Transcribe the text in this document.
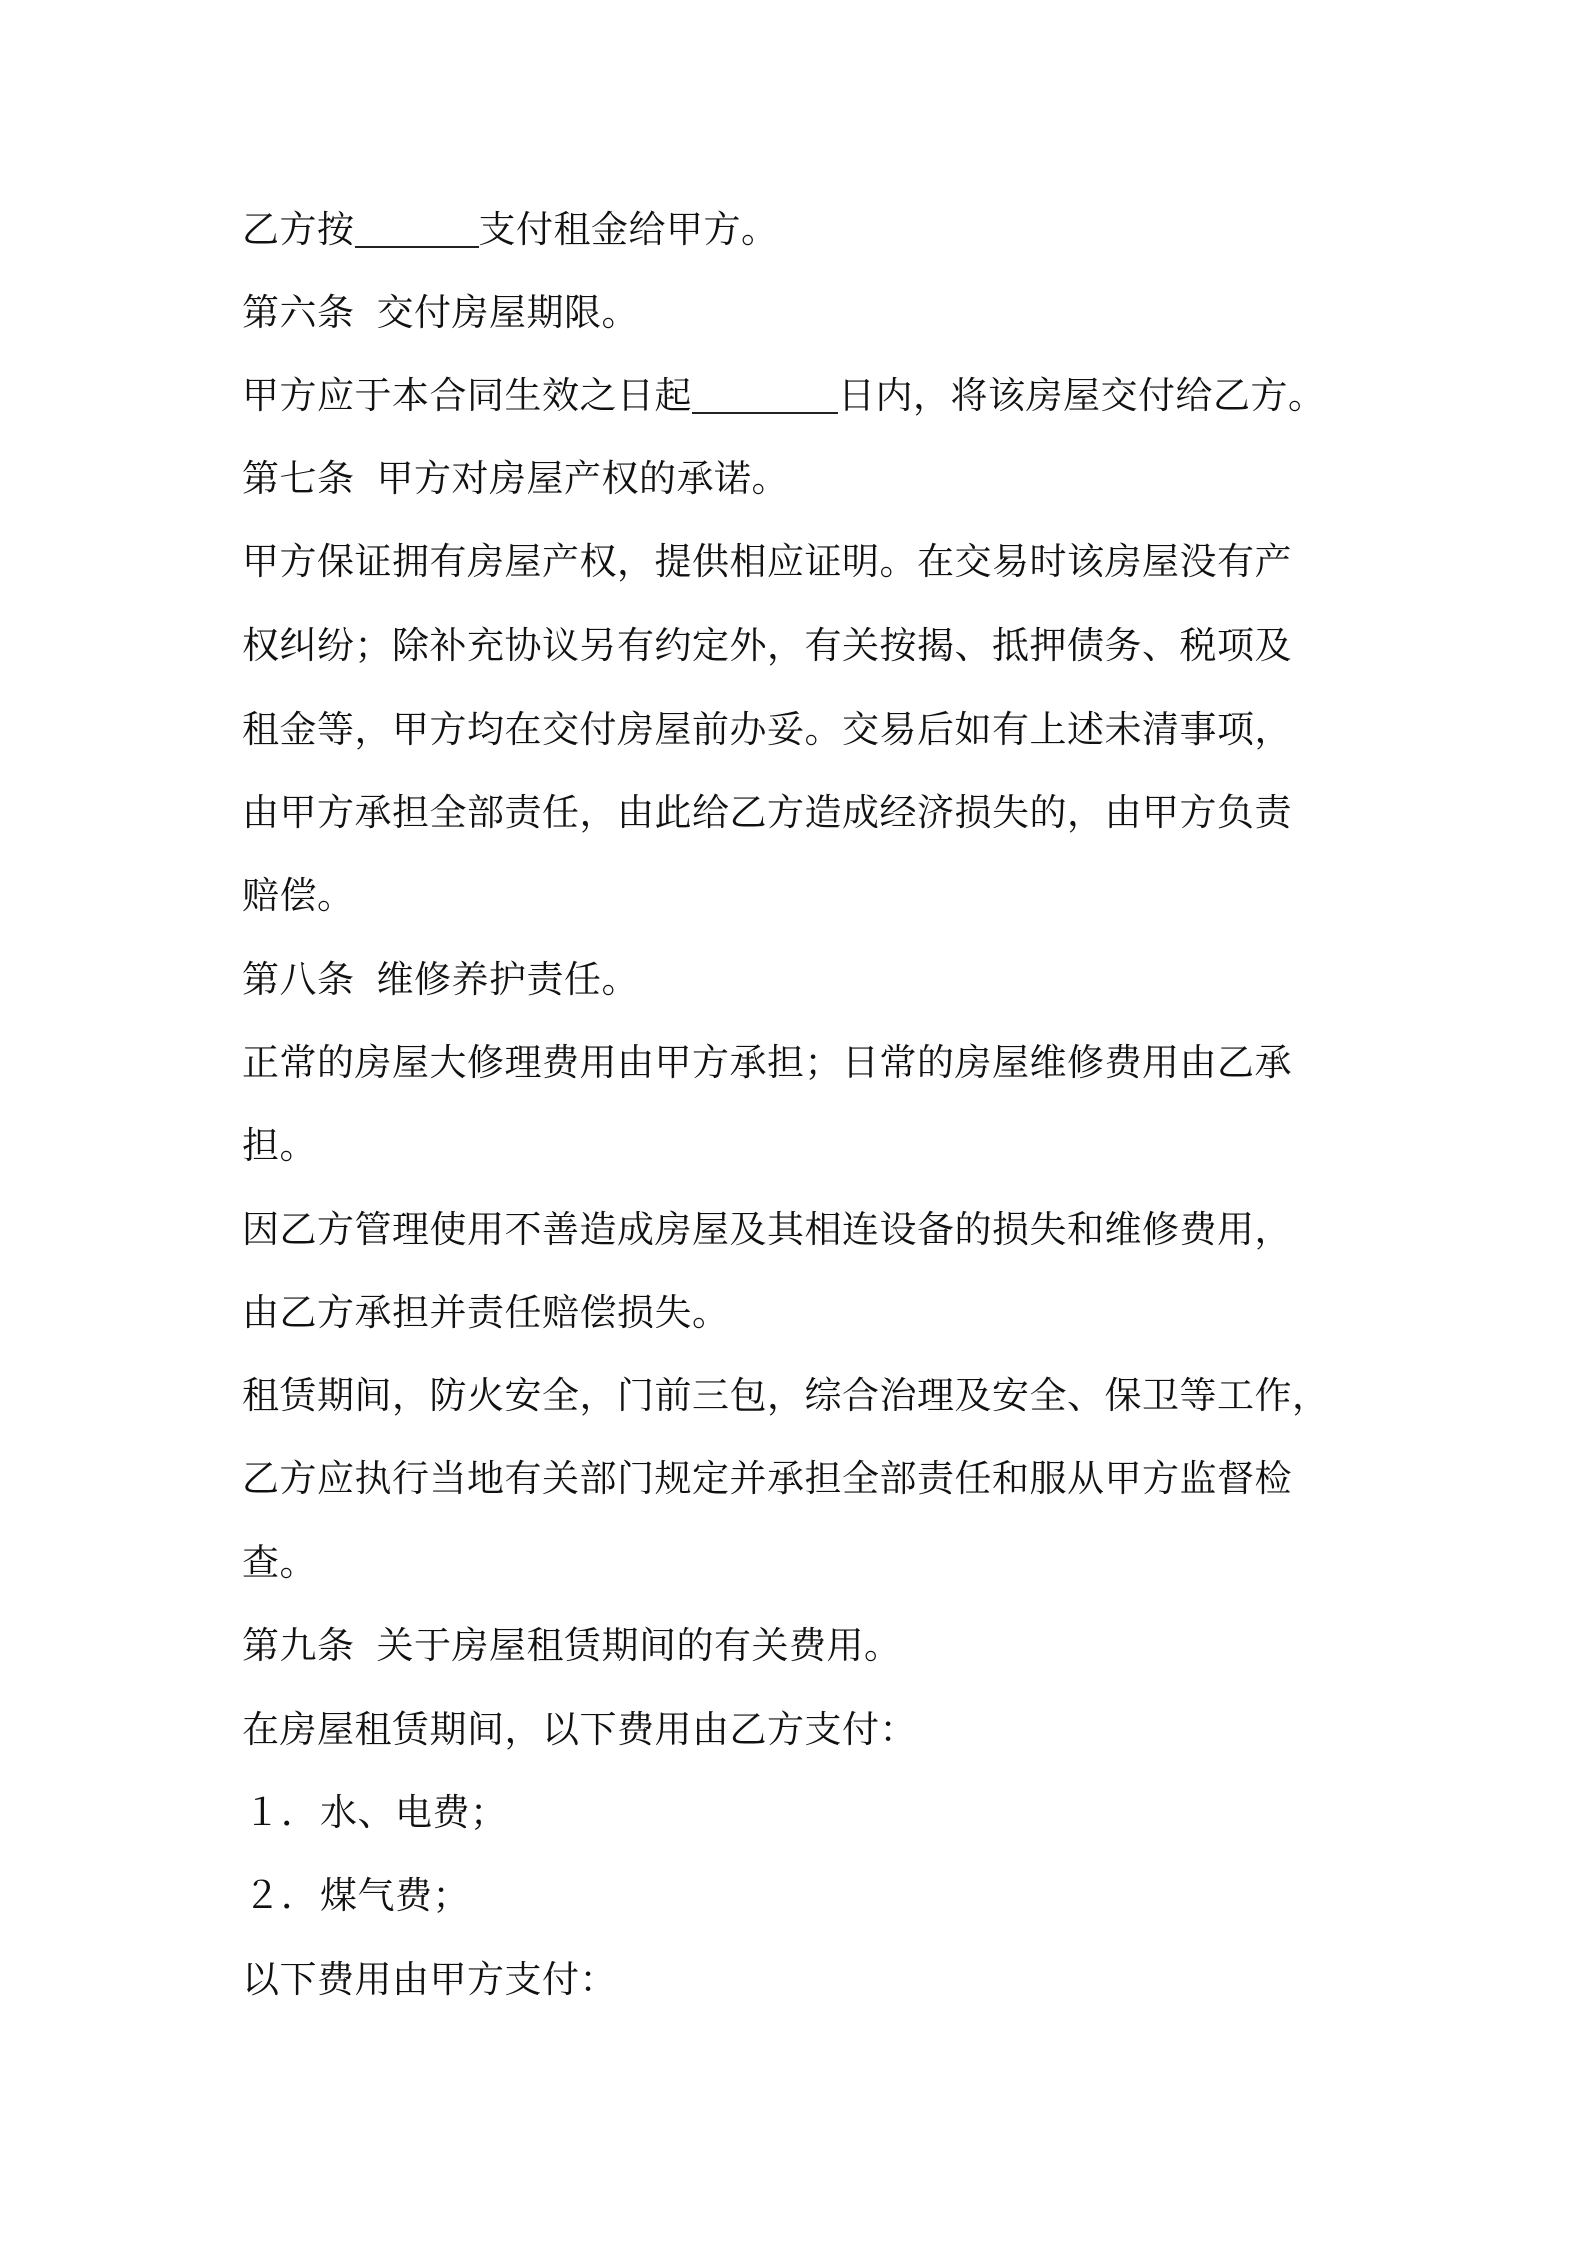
乙方按	支付租金给甲方。
第六条 交付房屋期限。
甲方应于本合同生效之日起	日内，将该房屋交付给乙方。
第七条 甲方对房屋产权的承诺。
甲方保证拥有房屋产权，提供相应证明。在交易时该房屋没有产
权纠纷；除补充协议另有约定外，有关按揭、抵押债务、税项及
租金等，甲方均在交付房屋前办妥。交易后如有上述未清事项，
由甲方承担全部责任，由此给乙方造成经济损失的，由甲方负责
赔偿。
第八条 维修养护责任。
正常的房屋大修理费用由甲方承担；日常的房屋维修费用由乙承
担。
因乙方管理使用不善造成房屋及其相连设备的损失和维修费用，
由乙方承担并责任赔偿损失。
租赁期间，防火安全，门前三包，综合治理及安全、保卫等工作，
乙方应执行当地有关部门规定并承担全部责任和服从甲方监督检
查。
第九条 关于房屋租赁期间的有关费用。
在房屋租赁期间，以下费用由乙方支付：
１．水、电费；
２．煤气费；
以下费用由甲方支付：
